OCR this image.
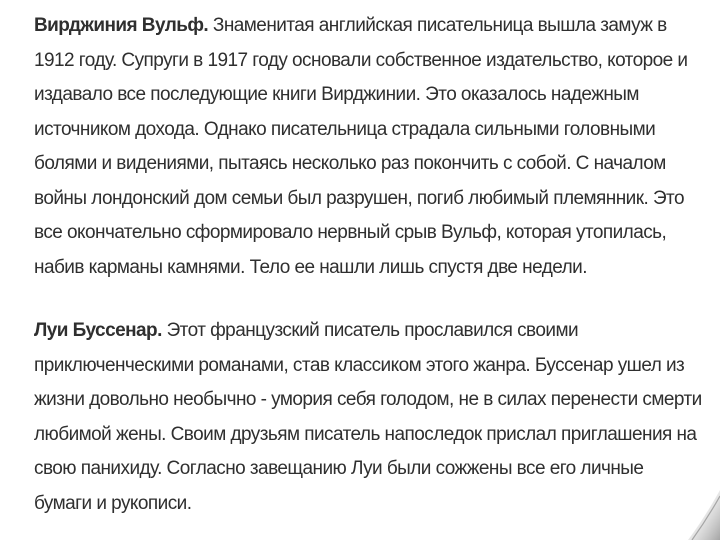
Вирджиния Вульф. Знаменитая английская писательница вышла замуж в
1912 году. Супруги в 1917 году основали собственное издательство, которое и
издавало все последующие книги Вирджинии. Это оказалось надежным
источником дохода. Однако писательница страдала сильными головными
болями и видениями, пытаясь несколько раз покончить с собой. С началом
войны лондонский дом семьи был разрушен, погиб любимый племянник. Это
все окончательно сформировало нервный срыв Вульф, которая утопилась,
набив карманы камнями. Тело ее нашли лишь спустя две недели.

Луи Буссенар. Этот французский писатель прославился своими
приключенческими романами, став классиком этого жанра. Буссенар ушел из
жизни довольно необычно - умория себя голодом, не в силах перенести смерти
любимой жены. Своим друзьям писатель напоследок прислал приглашения на
свою панихиду. Согласно завещанию Луи были сожжены все его личные
бумаги и рукописи.
